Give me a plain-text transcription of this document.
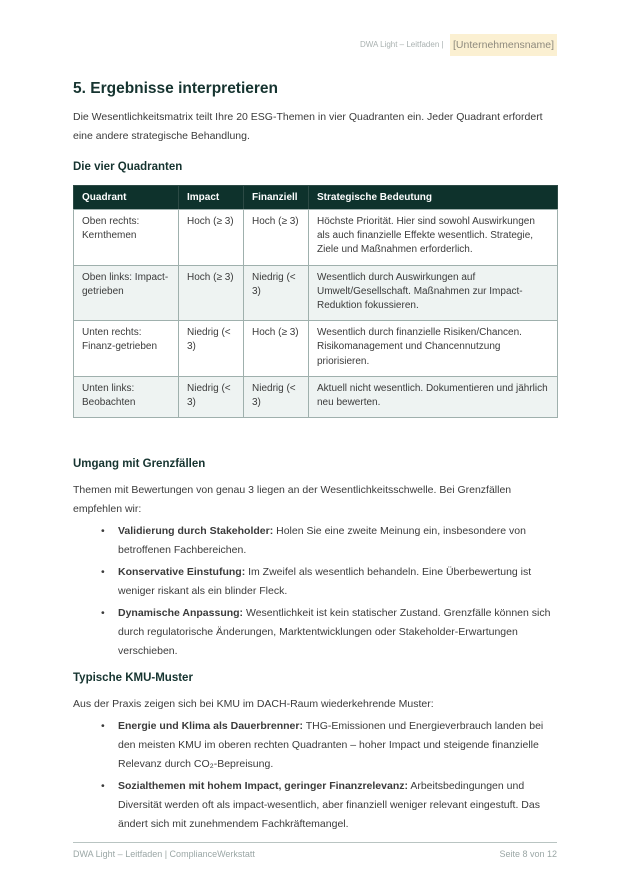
DWA Light – Leitfaden | [Unternehmensname]
5. Ergebnisse interpretieren

Die Wesentlichkeitsmatrix teilt Ihre 20 ESG-Themen in vier Quadranten ein. Jeder Quadrant erfordert eine andere strategische Behandlung.

Die vier Quadranten
Quadrant	Impact	Finanziell	Strategische Bedeutung
Oben rechts: Kernthemen	Hoch (≥ 3)	Hoch (≥ 3)	Höchste Priorität. Hier sind sowohl Auswirkungen als auch finanzielle Effekte wesentlich. Strategie, Ziele und Maßnahmen erforderlich.
Oben links: Impact-getrieben	Hoch (≥ 3)	Niedrig (< 3)	Wesentlich durch Auswirkungen auf Umwelt/Gesellschaft. Maßnahmen zur Impact-Reduktion fokussieren.
Unten rechts: Finanz-getrieben	Niedrig (< 3)	Hoch (≥ 3)	Wesentlich durch finanzielle Risiken/Chancen. Risikomanagement und Chancennutzung priorisieren.
Unten links: Beobachten	Niedrig (< 3)	Niedrig (< 3)	Aktuell nicht wesentlich. Dokumentieren und jährlich neu bewerten.
Umgang mit Grenzfällen

Themen mit Bewertungen von genau 3 liegen an der Wesentlichkeitsschwelle. Bei Grenzfällen empfehlen wir:

• Validierung durch Stakeholder: Holen Sie eine zweite Meinung ein, insbesondere von betroffenen Fachbereichen.
• Konservative Einstufung: Im Zweifel als wesentlich behandeln. Eine Überbewertung ist weniger riskant als ein blinder Fleck.
• Dynamische Anpassung: Wesentlichkeit ist kein statischer Zustand. Grenzfälle können sich durch regulatorische Änderungen, Marktentwicklungen oder Stakeholder-Erwartungen verschieben.
Typische KMU-Muster

Aus der Praxis zeigen sich bei KMU im DACH-Raum wiederkehrende Muster:

• Energie und Klima als Dauerbrenner: THG-Emissionen und Energieverbrauch landen bei den meisten KMU im oberen rechten Quadranten – hoher Impact und steigende finanzielle Relevanz durch CO₂-Bepreisung.
• Sozialthemen mit hohem Impact, geringer Finanzrelevanz: Arbeitsbedingungen und Diversität werden oft als impact-wesentlich, aber finanziell weniger relevant eingestuft. Das ändert sich mit zunehmendem Fachkräftemangel.
DWA Light – Leitfaden | ComplianceWerkstatt	Seite 8 von 12
